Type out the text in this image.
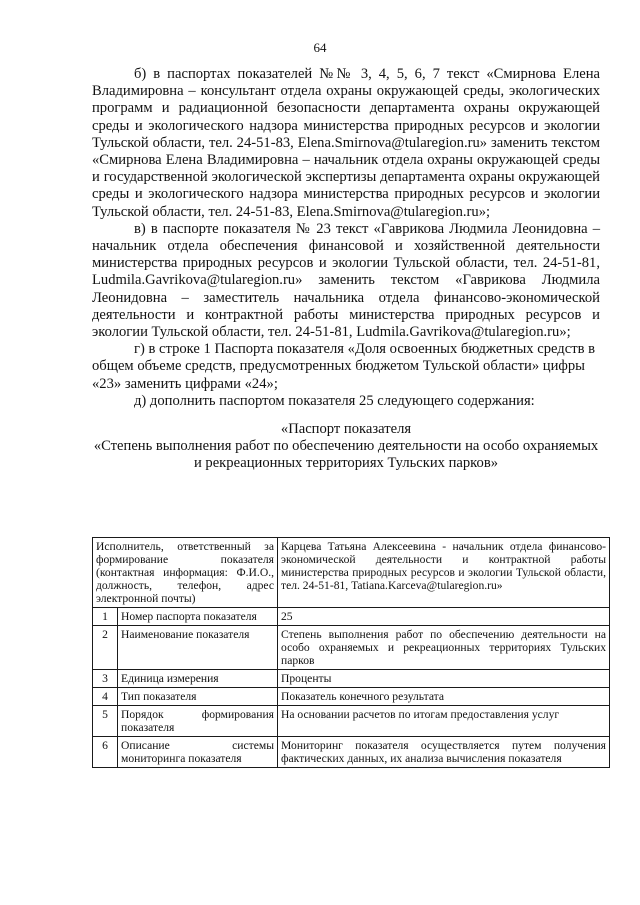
64

б) в паспортах показателей №№ 3, 4, 5, 6, 7 текст «Смирнова Елена Владимировна – консультант отдела охраны окружающей среды, экологических программ и радиационной безопасности департамента охраны окружающей среды и экологического надзора министерства природных ресурсов и экологии Тульской области, тел. 24-51-83, Elena.Smirnova@tularegion.ru» заменить текстом «Смирнова Елена Владимировна – начальник отдела охраны окружающей среды и государственной экологической экспертизы департамента охраны окружающей среды и экологического надзора министерства природных ресурсов и экологии Тульской области, тел. 24-51-83, Elena.Smirnova@tularegion.ru»;

в) в паспорте показателя № 23 текст «Гаврикова Людмила Леонидовна – начальник отдела обеспечения финансовой и хозяйственной деятельности министерства природных ресурсов и экологии Тульской области, тел. 24-51-81, Ludmila.Gavrikova@tularegion.ru» заменить текстом «Гаврикова Людмила Леонидовна – заместитель начальника отдела финансово-экономической деятельности и контрактной работы министерства природных ресурсов и экологии Тульской области, тел. 24-51-81, Ludmila.Gavrikova@tularegion.ru»;

г) в строке 1 Паспорта показателя «Доля освоенных бюджетных средств в общем объеме средств, предусмотренных бюджетом Тульской области» цифры «23» заменить цифрами «24»;

д) дополнить паспортом показателя 25 следующего содержания:

«Паспорт показателя
«Степень выполнения работ по обеспечению деятельности на особо охраняемых и рекреационных территориях Тульских парков»
Исполнитель, ответственный за формирование показателя (контактная информация: Ф.И.О., должность, телефон, адрес электронной почты)		Карцева Татьяна Алексеевина - начальник отдела финансово-экономической деятельности и контрактной работы министерства природных ресурсов и экологии Тульской области, тел. 24-51-81, Tatiana.Karceva@tularegion.ru»
1	Номер паспорта показателя	25
2	Наименование показателя	Степень выполнения работ по обеспечению деятельности на особо охраняемых и рекреационных территориях Тульских парков
3	Единица измерения	Проценты
4	Тип показателя	Показатель конечного результата
5	Порядок формирования показателя	На основании расчетов по итогам предоставления услуг
6	Описание системы мониторинга показателя	Мониторинг показателя осуществляется путем получения фактических данных, их анализа вычисления показателя
